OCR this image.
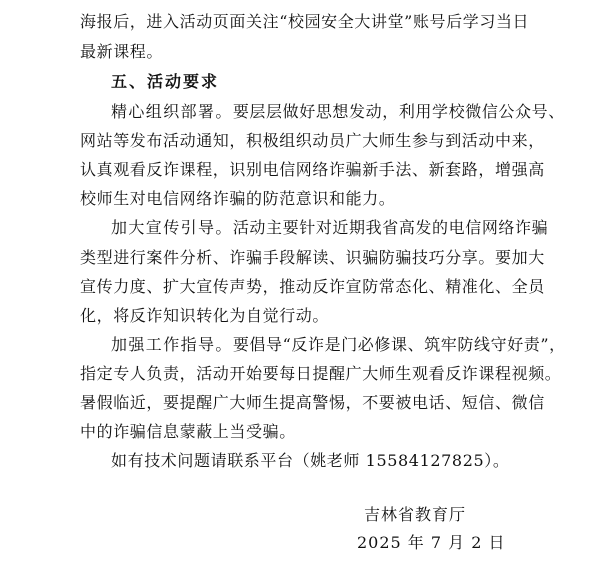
海报后，进入活动页面关注“校园安全大讲堂”账号后学习当日
最新课程。
五、活动要求
精心组织部署。要层层做好思想发动，利用学校微信公众号、
网站等发布活动通知，积极组织动员广大师生参与到活动中来，
认真观看反诈课程，识别电信网络诈骗新手法、新套路，增强高
校师生对电信网络诈骗的防范意识和能力。
加大宣传引导。活动主要针对近期我省高发的电信网络诈骗
类型进行案件分析、诈骗手段解读、识骗防骗技巧分享。要加大
宣传力度、扩大宣传声势，推动反诈宣防常态化、精准化、全员
化，将反诈知识转化为自觉行动。
加强工作指导。要倡导“反诈是门必修课、筑牢防线守好责”，
指定专人负责，活动开始要每日提醒广大师生观看反诈课程视频。
暑假临近，要提醒广大师生提高警惕，不要被电话、短信、微信
中的诈骗信息蒙蔽上当受骗。
如有技术问题请联系平台（姚老师 15584127825）。
吉林省教育厅
2025 年 7 月 2 日
